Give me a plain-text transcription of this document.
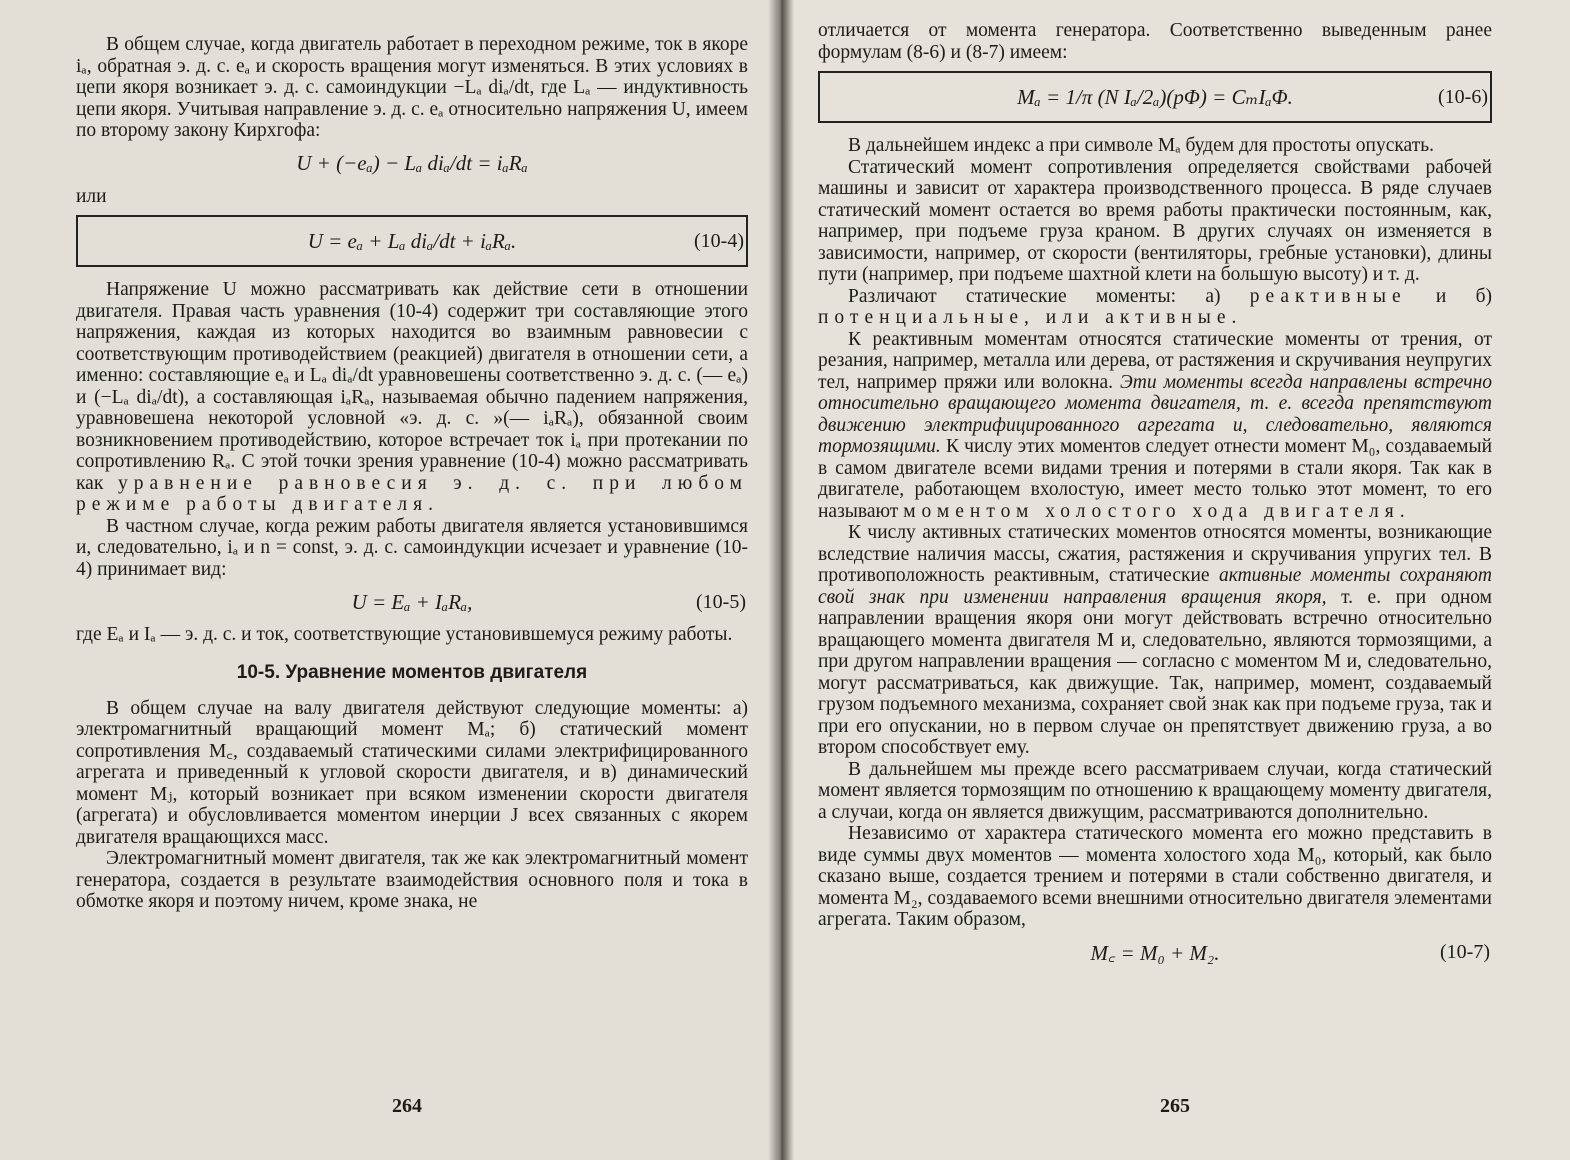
В общем случае, когда двигатель работает в переходном режиме, ток в якоре iₐ, обратная э. д. с. eₐ и скорость вращения могут изменяться. В этих условиях в цепи якоря возникает э. д. с. самоиндукции −Lₐ diₐ/dt, где Lₐ — индуктивность цепи якоря. Учитывая направление э. д. с. eₐ относительно напряжения U, имеем по второму закону Кирхгофа:

U + (−eₐ) − Lₐ diₐ/dt = iₐRₐ

или

U = eₐ + Lₐ diₐ/dt + iₐRₐ.	(10-4)

Напряжение U можно рассматривать как действие сети в отношении двигателя. Правая часть уравнения (10-4) содержит три составляющие этого напряжения, каждая из которых находится во взаимным равновесии с соответствующим противодействием (реакцией) двигателя в отношении сети, а именно: составляющие eₐ и Lₐ diₐ/dt уравновешены соответственно э. д. с. (— eₐ) и (−Lₐ diₐ/dt), а составляющая iₐRₐ, называемая обычно падением напряжения, уравновешена некоторой условной «э. д. с. »(— iₐRₐ), обязанной своим возникновением противодействию, которое встречает ток iₐ при протекании по сопротивлению Rₐ. С этой точки зрения уравнение (10-4) можно рассматривать как уравнение равновесия э. д. с. при любом режиме работы двигателя.

В частном случае, когда режим работы двигателя является установившимся и, следовательно, iₐ и n = const, э. д. с. самоиндукции исчезает и уравнение (10-4) принимает вид:

U = Eₐ + IₐRₐ,	(10-5)

где Eₐ и Iₐ — э. д. с. и ток, соответствующие установившемуся режиму работы.

10-5. Уравнение моментов двигателя

В общем случае на валу двигателя действуют следующие моменты: а) электромагнитный вращающий момент Mₐ; б) статический момент сопротивления M꜀, создаваемый статическими силами электрифицированного агрегата и приведенный к угловой скорости двигателя, и в) динамический момент Mⱼ, который возникает при всяком изменении скорости двигателя (агрегата) и обусловливается моментом инерции J всех связанных с якорем двигателя вращающихся масс.

Электромагнитный момент двигателя, так же как электромагнитный момент генератора, создается в результате взаимодействия основного поля и тока в обмотке якоря и поэтому ничем, кроме знака, не

264

отличается от момента генератора. Соответственно выведенным ранее формулам (8-6) и (8-7) имеем:

Mₐ = 1/π (N Iₐ/2ₐ)(pΦ) = CₘIₐΦ.	(10-6)

В дальнейшем индекс a при символе Mₐ будем для простоты опускать.

Статический момент сопротивления определяется свойствами рабочей машины и зависит от характера производственного процесса. В ряде случаев статический момент остается во время работы практически постоянным, как, например, при подъеме груза краном. В других случаях он изменяется в зависимости, например, от скорости (вентиляторы, гребные установки), длины пути (например, при подъеме шахтной клети на большую высоту) и т. д.

Различают статические моменты: а) реактивные и б) потенциальные, или активные.

К реактивным моментам относятся статические моменты от трения, от резания, например, металла или дерева, от растяжения и скручивания неупругих тел, например пряжи или волокна. Эти моменты всегда направлены встречно относительно вращающего момента двигателя, т. е. всегда препятствуют движению электрифицированного агрегата и, следовательно, являются тормозящими. К числу этих моментов следует отнести момент M₀, создаваемый в самом двигателе всеми видами трения и потерями в стали якоря. Так как в двигателе, работающем вхолостую, имеет место только этот момент, то его называют моментом холостого хода двигателя.

К числу активных статических моментов относятся моменты, возникающие вследствие наличия массы, сжатия, растяжения и скручивания упругих тел. В противоположность реактивным, статические активные моменты сохраняют свой знак при изменении направления вращения якоря, т. е. при одном направлении вращения якоря они могут действовать встречно относительно вращающего момента двигателя M и, следовательно, являются тормозящими, а при другом направлении вращения — согласно с моментом M и, следовательно, могут рассматриваться, как движущие. Так, например, момент, создаваемый грузом подъемного механизма, сохраняет свой знак как при подъеме груза, так и при его опускании, но в первом случае он препятствует движению груза, а во втором способствует ему.

В дальнейшем мы прежде всего рассматриваем случаи, когда статический момент является тормозящим по отношению к вращающему моменту двигателя, а случаи, когда он является движущим, рассматриваются дополнительно.

Независимо от характера статического момента его можно представить в виде суммы двух моментов — момента холостого хода M₀, который, как было сказано выше, создается трением и потерями в стали собственно двигателя, и момента M₂, создаваемого всеми внешними относительно двигателя элементами агрегата. Таким образом,

M꜀ = M₀ + M₂.	(10-7)
265
